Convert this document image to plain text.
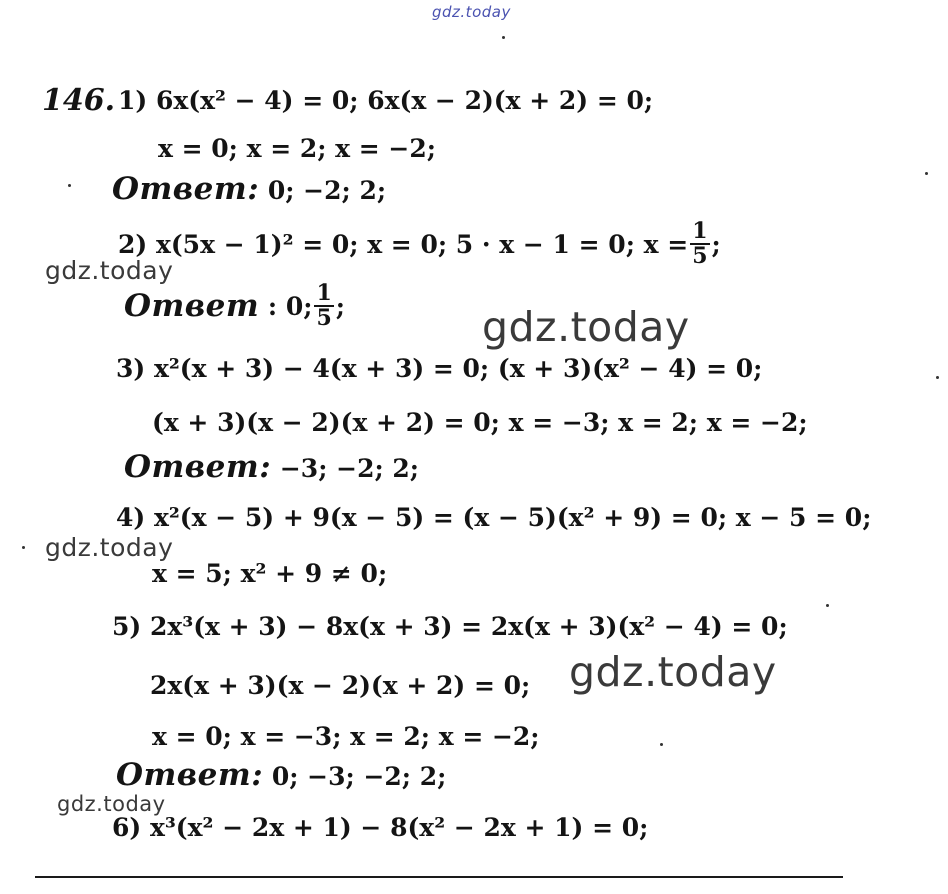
gdz.today
gdz.today
gdz.today
gdz.today
gdz.today
gdz.today
146. 1) 6x(x² − 4) = 0; 6x(x − 2)(x + 2) = 0;
x = 0; x = 2; x = −2;
Ответ: 0; −2; 2;
2)
x(5x − 1)² = 0; x = 0; 5 · x − 1 = 0; $x = \frac{1}{5}$ ;
Ответ
: 0; $\frac{1}{5}$ ;
3) x²(x + 3) − 4(x + 3) = 0; (x + 3)(x² − 4) = 0;
(x + 3)(x − 2)(x + 2) = 0; x = −3; x = 2; x = −2;
Ответ: −3; −2; 2;
4) x²(x − 5) + 9(x − 5) = (x − 5)(x² + 9) = 0; x − 5 = 0;
x = 5; x² + 9 ≠ 0;
5) 2x³(x + 3) − 8x(x + 3) = 2x(x + 3)(x² − 4) = 0;
2x(x + 3)(x − 2)(x + 2) = 0;
x = 0; x = −3; x = 2; x = −2;
Ответ: 0; −3; −2; 2;
6) x³(x² − 2x + 1) − 8(x² − 2x + 1) = 0;
